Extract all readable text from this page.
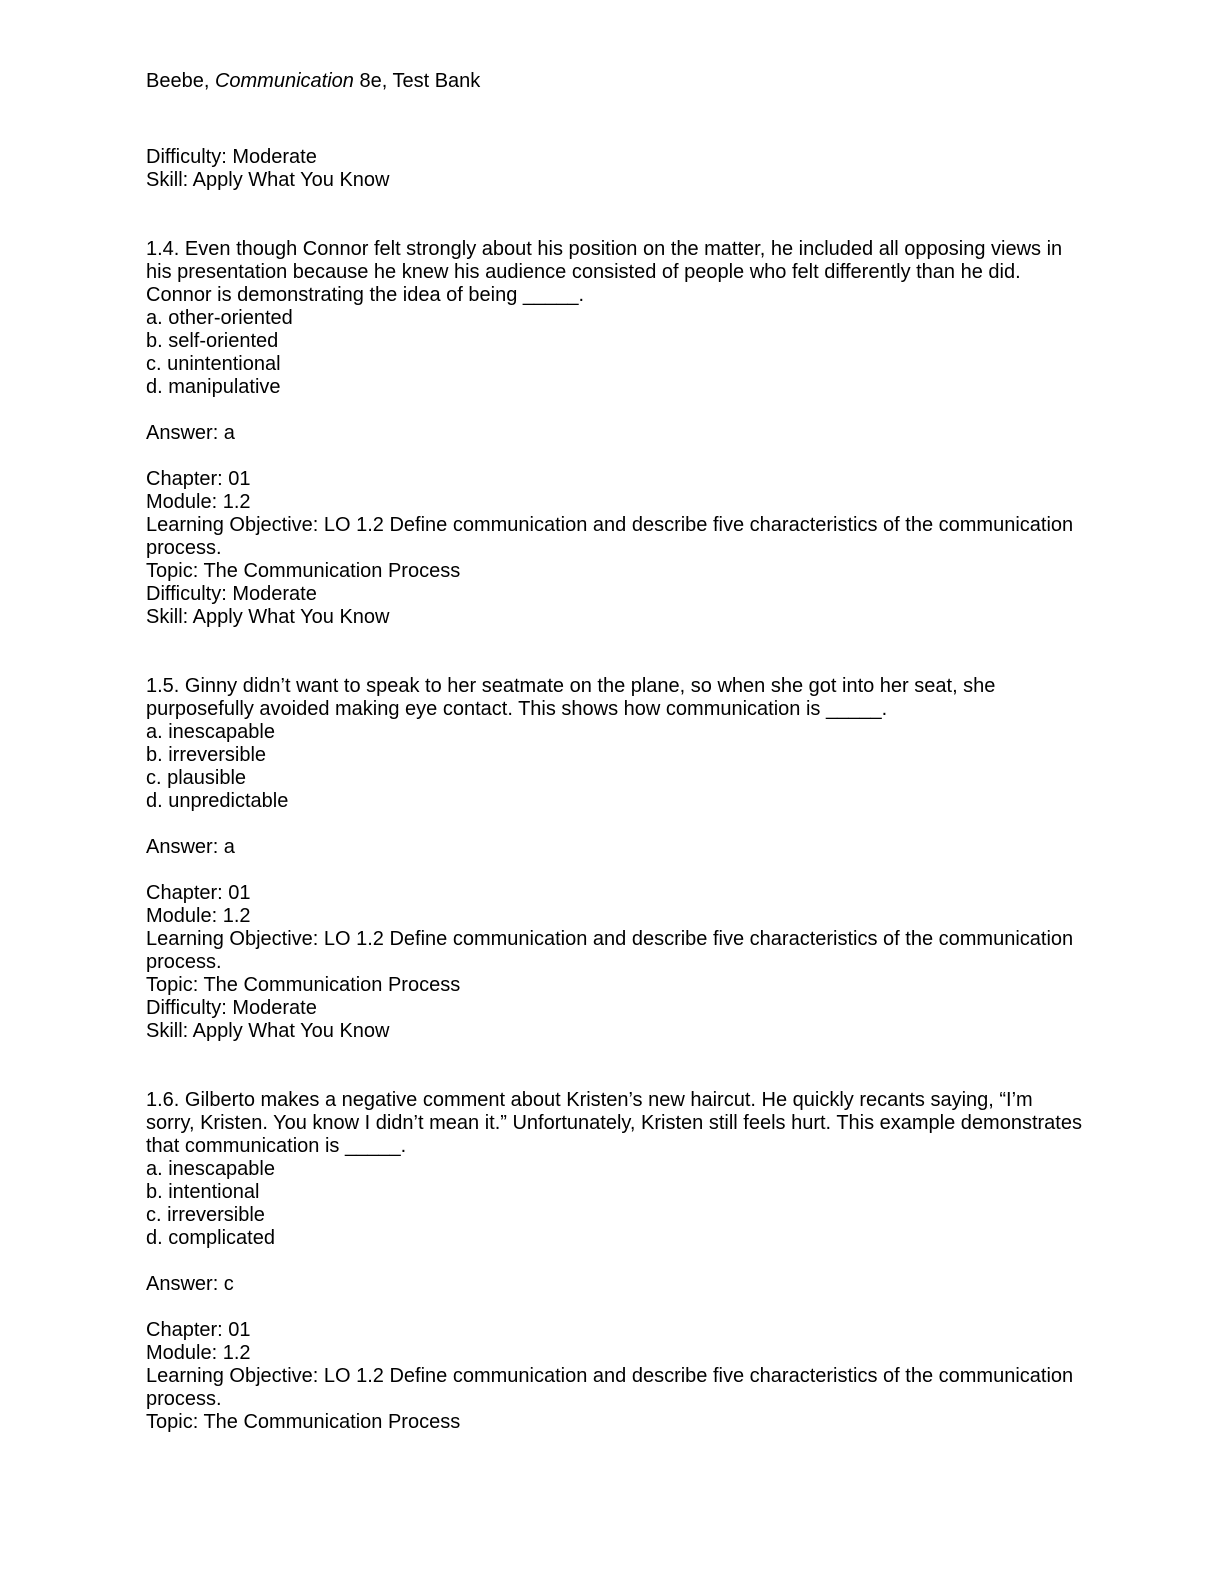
Beebe, Communication 8e, Test Bank
Difficulty: Moderate
Skill: Apply What You Know
1.4. Even though Connor felt strongly about his position on the matter, he included all opposing views in his presentation because he knew his audience consisted of people who felt differently than he did. Connor is demonstrating the idea of being _____.
a. other-oriented
b. self-oriented
c. unintentional
d. manipulative
Answer: a
Chapter: 01
Module: 1.2
Learning Objective: LO 1.2 Define communication and describe five characteristics of the communication process.
Topic: The Communication Process
Difficulty: Moderate
Skill: Apply What You Know
1.5. Ginny didn’t want to speak to her seatmate on the plane, so when she got into her seat, she purposefully avoided making eye contact. This shows how communication is _____.
a. inescapable
b. irreversible
c. plausible
d. unpredictable
Answer: a
Chapter: 01
Module: 1.2
Learning Objective: LO 1.2 Define communication and describe five characteristics of the communication process.
Topic: The Communication Process
Difficulty: Moderate
Skill: Apply What You Know
1.6. Gilberto makes a negative comment about Kristen’s new haircut. He quickly recants saying, “I’m sorry, Kristen. You know I didn’t mean it.” Unfortunately, Kristen still feels hurt. This example demonstrates that communication is _____.
a. inescapable
b. intentional
c. irreversible
d. complicated
Answer: c
Chapter: 01
Module: 1.2
Learning Objective: LO 1.2 Define communication and describe five characteristics of the communication process.
Topic: The Communication Process
